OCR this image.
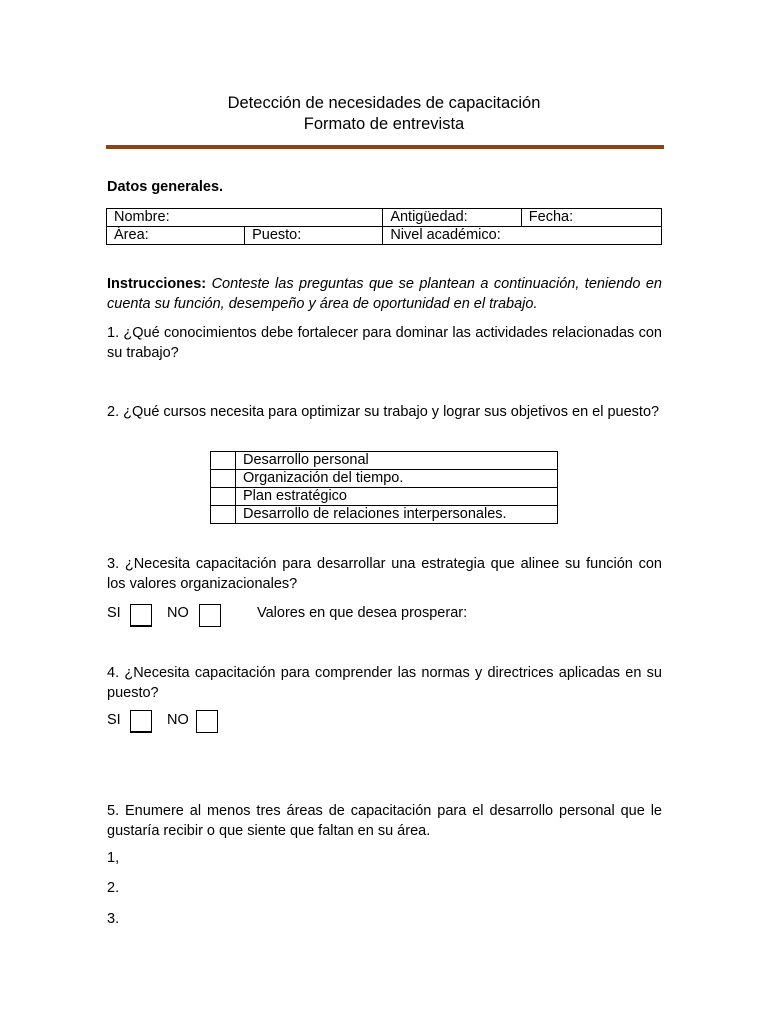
Detección de necesidades de capacitación
Formato de entrevista
Datos generales.
Nombre:		Antigüedad:	Fecha:
Área:	Puesto:	Nivel académico:	
Instrucciones: Conteste las preguntas que se plantean a continuación, teniendo en cuenta su función, desempeño y área de oportunidad en el trabajo.
1. ¿Qué conocimientos debe fortalecer para dominar las actividades relacionadas con su trabajo?
2. ¿Qué cursos necesita para optimizar su trabajo y lograr sus objetivos en el puesto?
	Desarrollo personal
	Organización del tiempo.
	Plan estratégico
	Desarrollo de relaciones interpersonales.
3. ¿Necesita capacitación para desarrollar una estrategia que alinee su función con los valores organizacionales?
SI	NO	Valores en que desea prosperar:
4. ¿Necesita capacitación para comprender las normas y directrices aplicadas en su puesto?
SI	NO
5. Enumere al menos tres áreas de capacitación para el desarrollo personal que le gustaría recibir o que siente que faltan en su área.
1,
2.
3.
